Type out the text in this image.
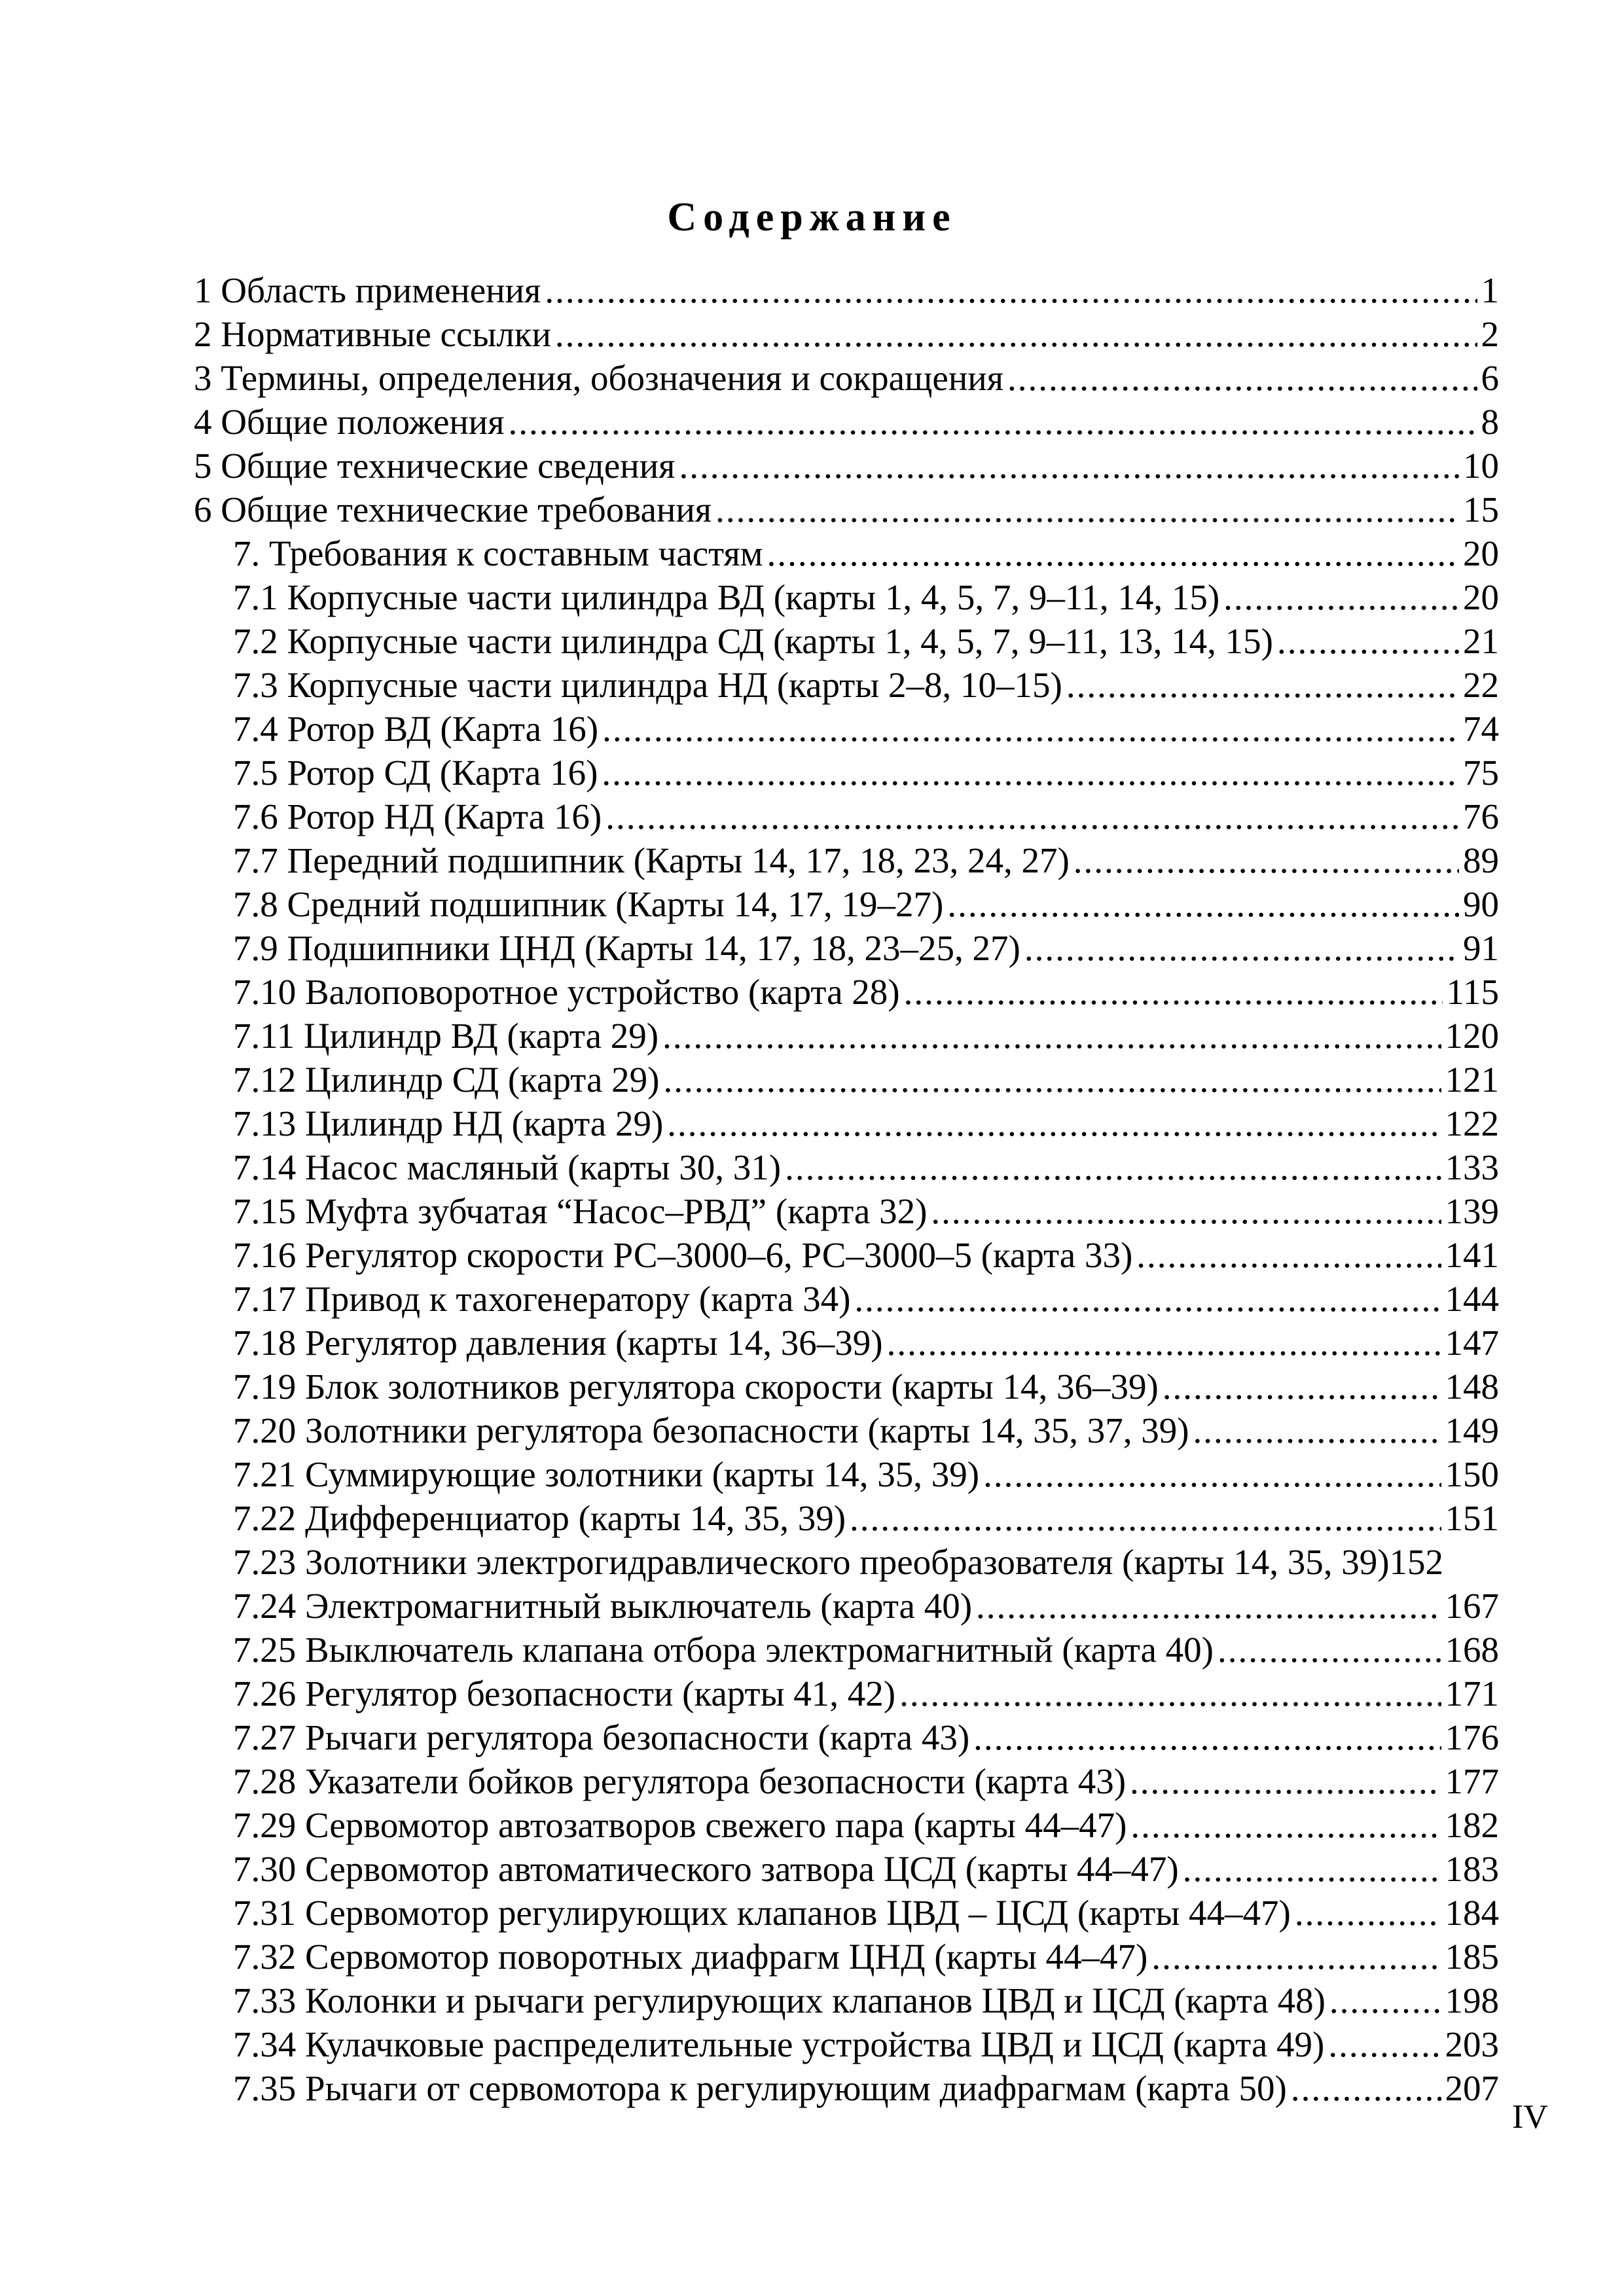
Содержание
1 Область применения .....	1
2 Нормативные ссылки .....	2
3 Термины, определения, обозначения и сокращения .....	6
4 Общие положения .....	8
5 Общие технические сведения .....	10
6 Общие технические требования .....	15
7. Требования к составным частям .....	20
7.1 Корпусные части цилиндра ВД (карты 1, 4, 5, 7, 9–11, 14, 15) .....	20
7.2 Корпусные части цилиндра СД (карты 1, 4, 5, 7, 9–11, 13, 14, 15) .....	21
7.3 Корпусные части цилиндра НД (карты 2–8, 10–15) .....	22
7.4 Ротор ВД (Карта 16) .....	74
7.5 Ротор СД (Карта 16) .....	75
7.6 Ротор НД (Карта 16) .....	76
7.7 Передний подшипник (Карты 14, 17, 18, 23, 24, 27) .....	89
7.8 Средний подшипник (Карты 14, 17, 19–27) .....	90
7.9 Подшипники ЦНД (Карты 14, 17, 18, 23–25, 27) .....	91
7.10 Валоповоротное устройство (карта 28) .....	115
7.11 Цилиндр ВД (карта 29) .....	120
7.12 Цилиндр СД (карта 29) .....	121
7.13 Цилиндр НД (карта 29) .....	122
7.14 Насос масляный (карты 30, 31) .....	133
7.15 Муфта зубчатая “Насос–РВД” (карта 32) .....	139
7.16 Регулятор скорости РС–3000–6, РС–3000–5 (карта 33) .....	141
7.17 Привод к тахогенератору (карта 34) .....	144
7.18 Регулятор давления (карты 14, 36–39) .....	147
7.19 Блок золотников регулятора скорости (карты 14, 36–39) .....	148
7.20 Золотники регулятора безопасности (карты 14, 35, 37, 39) .....	149
7.21 Суммирующие золотники (карты 14, 35, 39) .....	150
7.22 Дифференциатор (карты 14, 35, 39) .....	151
7.23 Золотники электрогидравлического преобразователя (карты 14, 35, 39)152
7.24 Электромагнитный выключатель (карта 40) .....	167
7.25 Выключатель клапана отбора электромагнитный (карта 40) .....	168
7.26 Регулятор безопасности (карты 41, 42) .....	171
7.27 Рычаги регулятора безопасности (карта 43) .....	176
7.28 Указатели бойков регулятора безопасности (карта 43) .....	177
7.29 Сервомотор автозатворов свежего пара (карты 44–47) .....	182
7.30 Сервомотор автоматического затвора ЦСД (карты 44–47) .....	183
7.31 Сервомотор регулирующих клапанов ЦВД – ЦСД (карты 44–47) .....	184
7.32 Сервомотор поворотных диафрагм ЦНД (карты 44–47) .....	185
7.33 Колонки и рычаги регулирующих клапанов ЦВД и ЦСД (карта 48) .....	198
7.34 Кулачковые распределительные устройства ЦВД и ЦСД (карта 49) .....	203
7.35 Рычаги от сервомотора к регулирующим диафрагмам (карта 50) .....	207
IV
